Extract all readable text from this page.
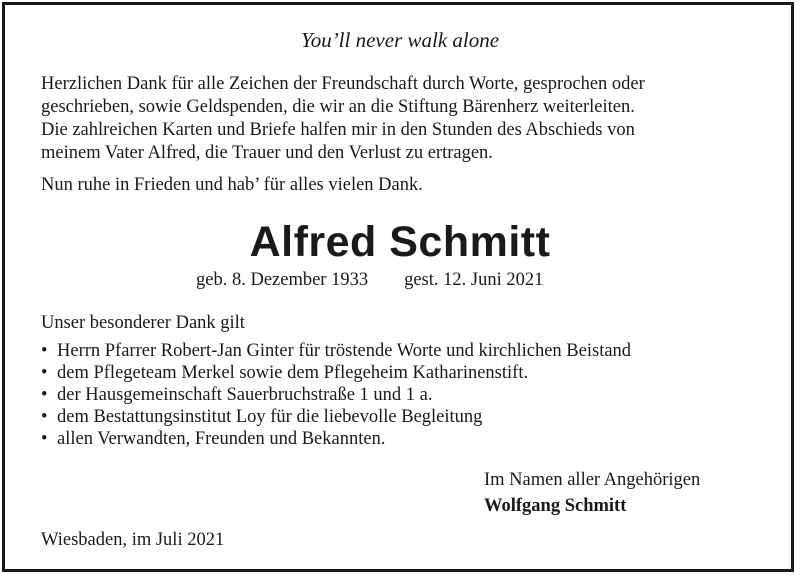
You’ll never walk alone
Herzlichen Dank für alle Zeichen der Freundschaft durch Worte, gesprochen oder
geschrieben, sowie Geldspenden, die wir an die Stiftung Bärenherz weiterleiten.
Die zahlreichen Karten und Briefe halfen mir in den Stunden des Abschieds von
meinem Vater Alfred, die Trauer und den Verlust zu ertragen.
Nun ruhe in Frieden und hab’ für alles vielen Dank.
Alfred Schmitt
geb. 8. Dezember 1933 gest. 12. Juni 2021
Unser besonderer Dank gilt
• Herrn Pfarrer Robert-Jan Ginter für tröstende Worte und kirchlichen Beistand
• dem Pflegeteam Merkel sowie dem Pflegeheim Katharinenstift.
• der Hausgemeinschaft Sauerbruchstraße 1 und 1 a.
• dem Bestattungsinstitut Loy für die liebevolle Begleitung
• allen Verwandten, Freunden und Bekannten.
Im Namen aller Angehörigen
Wolfgang Schmitt
Wiesbaden, im Juli 2021
